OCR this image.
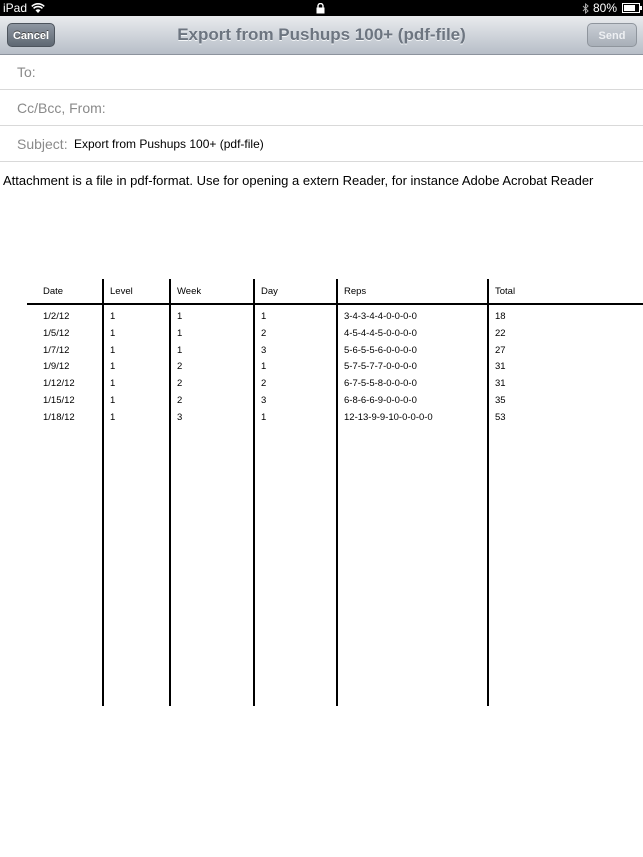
iPad	80%
Export from Pushups 100+ (pdf-file)
Cancel	Send
To:
Cc/Bcc, From:
Subject: Export from Pushups 100+ (pdf-file)
Attachment is a file in pdf-format. Use for opening a extern Reader, for instance Adobe Acrobat Reader
Date	Level	Week	Day	Reps	Total
1/2/12	1	1	1	3-4-3-4-4-0-0-0-0	18
1/5/12	1	1	2	4-5-4-4-5-0-0-0-0	22
1/7/12	1	1	3	5-6-5-5-6-0-0-0-0	27
1/9/12	1	2	1	5-7-5-7-7-0-0-0-0	31
1/12/12	1	2	2	6-7-5-5-8-0-0-0-0	31
1/15/12	1	2	3	6-8-6-6-9-0-0-0-0	35
1/18/12	1	3	1	12-13-9-9-10-0-0-0-0	53
